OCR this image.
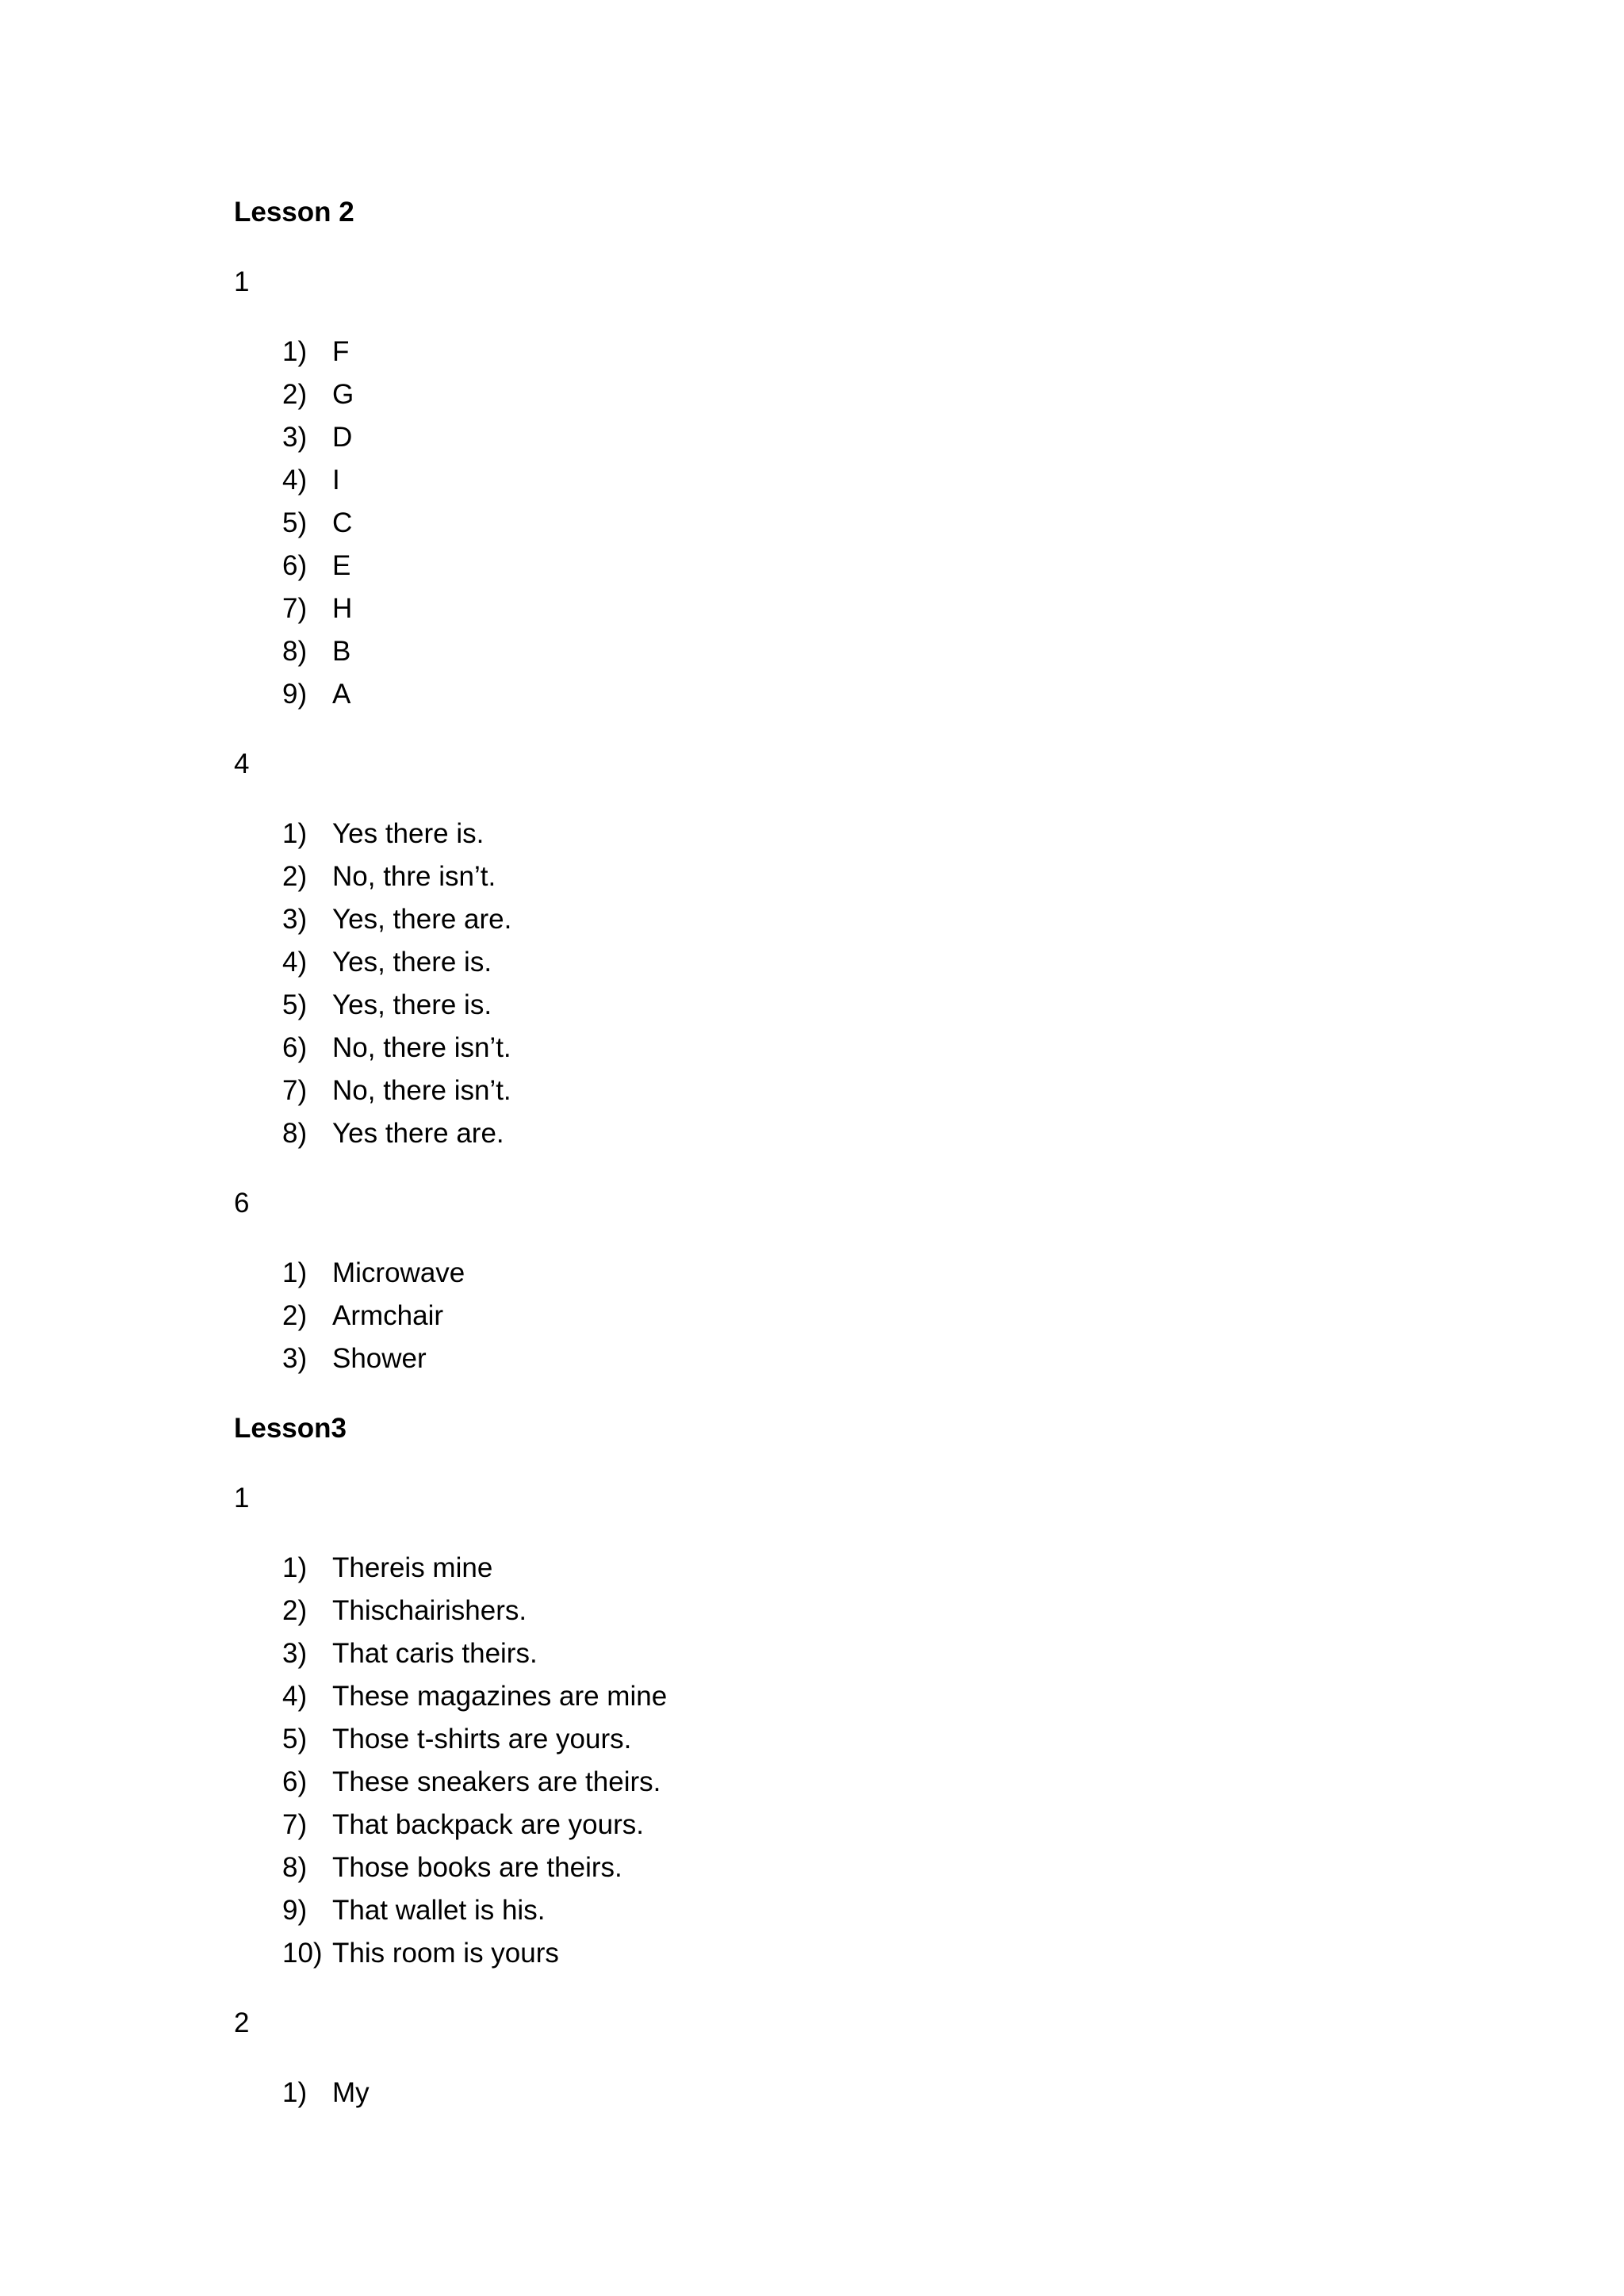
Lesson 2
1
1) F
2) G
3) D
4) I
5) C
6) E
7) H
8) B
9) A
4
1) Yes there is.
2) No, thre isn’t.
3) Yes, there are.
4) Yes, there is.
5) Yes, there is.
6) No, there isn’t.
7) No, there isn’t.
8) Yes there are.
6
1) Microwave
2) Armchair
3) Shower
Lesson3
1
1) Thereis mine
2) Thischairishers.
3) That caris theirs.
4) These magazines are mine
5) Those t-shirts are yours.
6) These sneakers are theirs.
7) That backpack are yours.
8) Those books are theirs.
9) That wallet is his.
10) This room is yours
2
1) My
